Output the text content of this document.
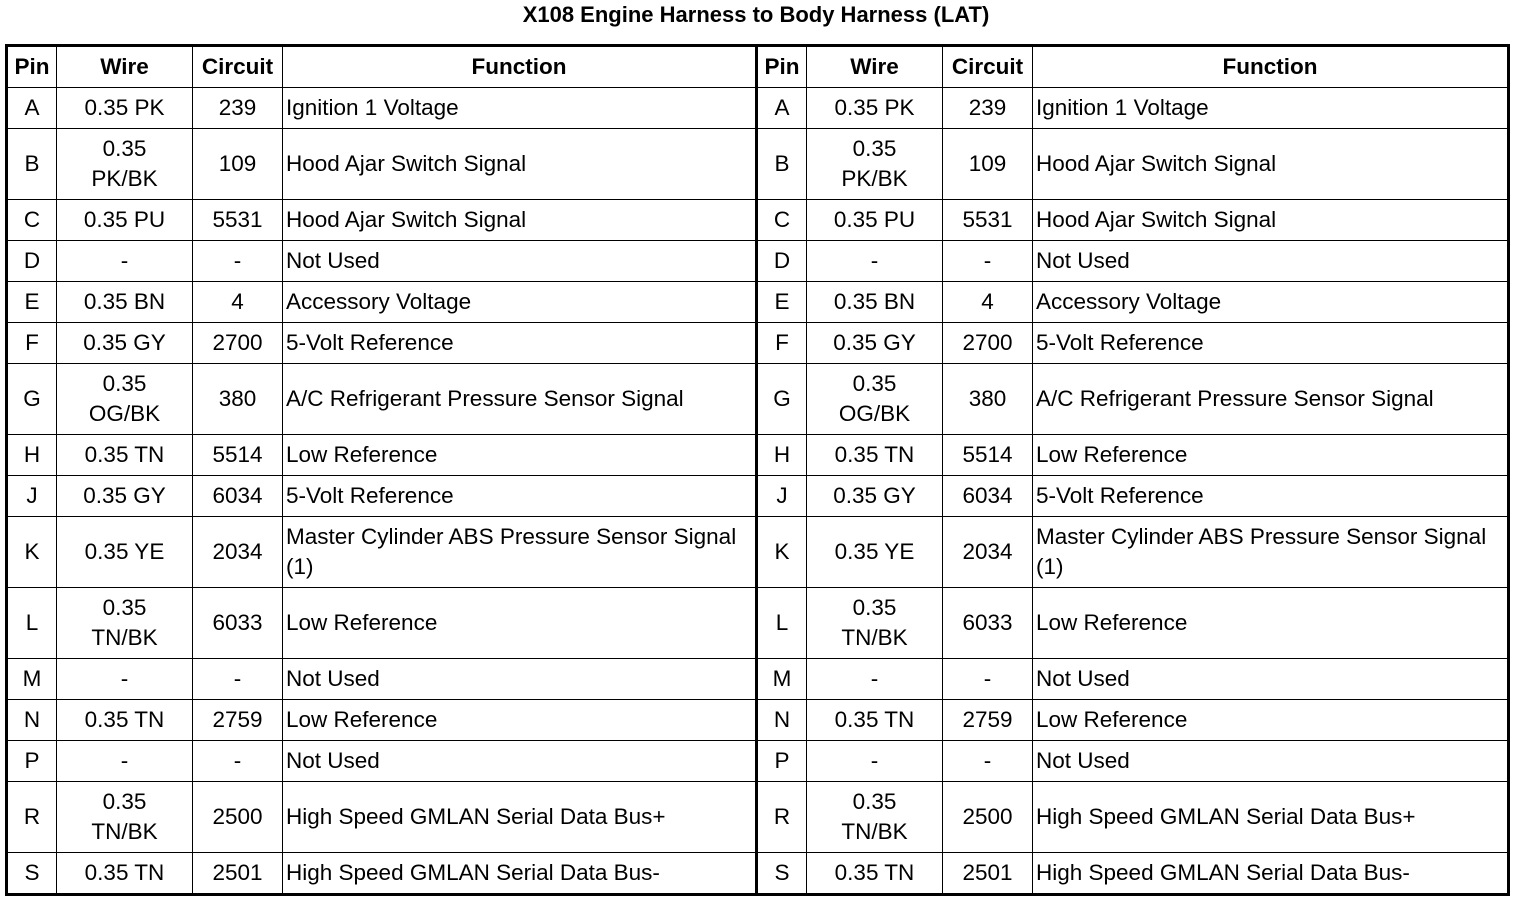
X108 Engine Harness to Body Harness (LAT)
Pin	Wire	Circuit	Function	Pin	Wire	Circuit	Function
A	0.35 PK	239	Ignition 1 Voltage	A	0.35 PK	239	Ignition 1 Voltage
B	0.35 PK/BK	109	Hood Ajar Switch Signal	B	0.35 PK/BK	109	Hood Ajar Switch Signal
C	0.35 PU	5531	Hood Ajar Switch Signal	C	0.35 PU	5531	Hood Ajar Switch Signal
D	-	-	Not Used	D	-	-	Not Used
E	0.35 BN	4	Accessory Voltage	E	0.35 BN	4	Accessory Voltage
F	0.35 GY	2700	5-Volt Reference	F	0.35 GY	2700	5-Volt Reference
G	0.35 OG/BK	380	A/C Refrigerant Pressure Sensor Signal	G	0.35 OG/BK	380	A/C Refrigerant Pressure Sensor Signal
H	0.35 TN	5514	Low Reference	H	0.35 TN	5514	Low Reference
J	0.35 GY	6034	5-Volt Reference	J	0.35 GY	6034	5-Volt Reference
K	0.35 YE	2034	Master Cylinder ABS Pressure Sensor Signal (1)	K	0.35 YE	2034	Master Cylinder ABS Pressure Sensor Signal (1)
L	0.35 TN/BK	6033	Low Reference	L	0.35 TN/BK	6033	Low Reference
M	-	-	Not Used	M	-	-	Not Used
N	0.35 TN	2759	Low Reference	N	0.35 TN	2759	Low Reference
P	-	-	Not Used	P	-	-	Not Used
R	0.35 TN/BK	2500	High Speed GMLAN Serial Data Bus+	R	0.35 TN/BK	2500	High Speed GMLAN Serial Data Bus+
S	0.35 TN	2501	High Speed GMLAN Serial Data Bus-	S	0.35 TN	2501	High Speed GMLAN Serial Data Bus-
